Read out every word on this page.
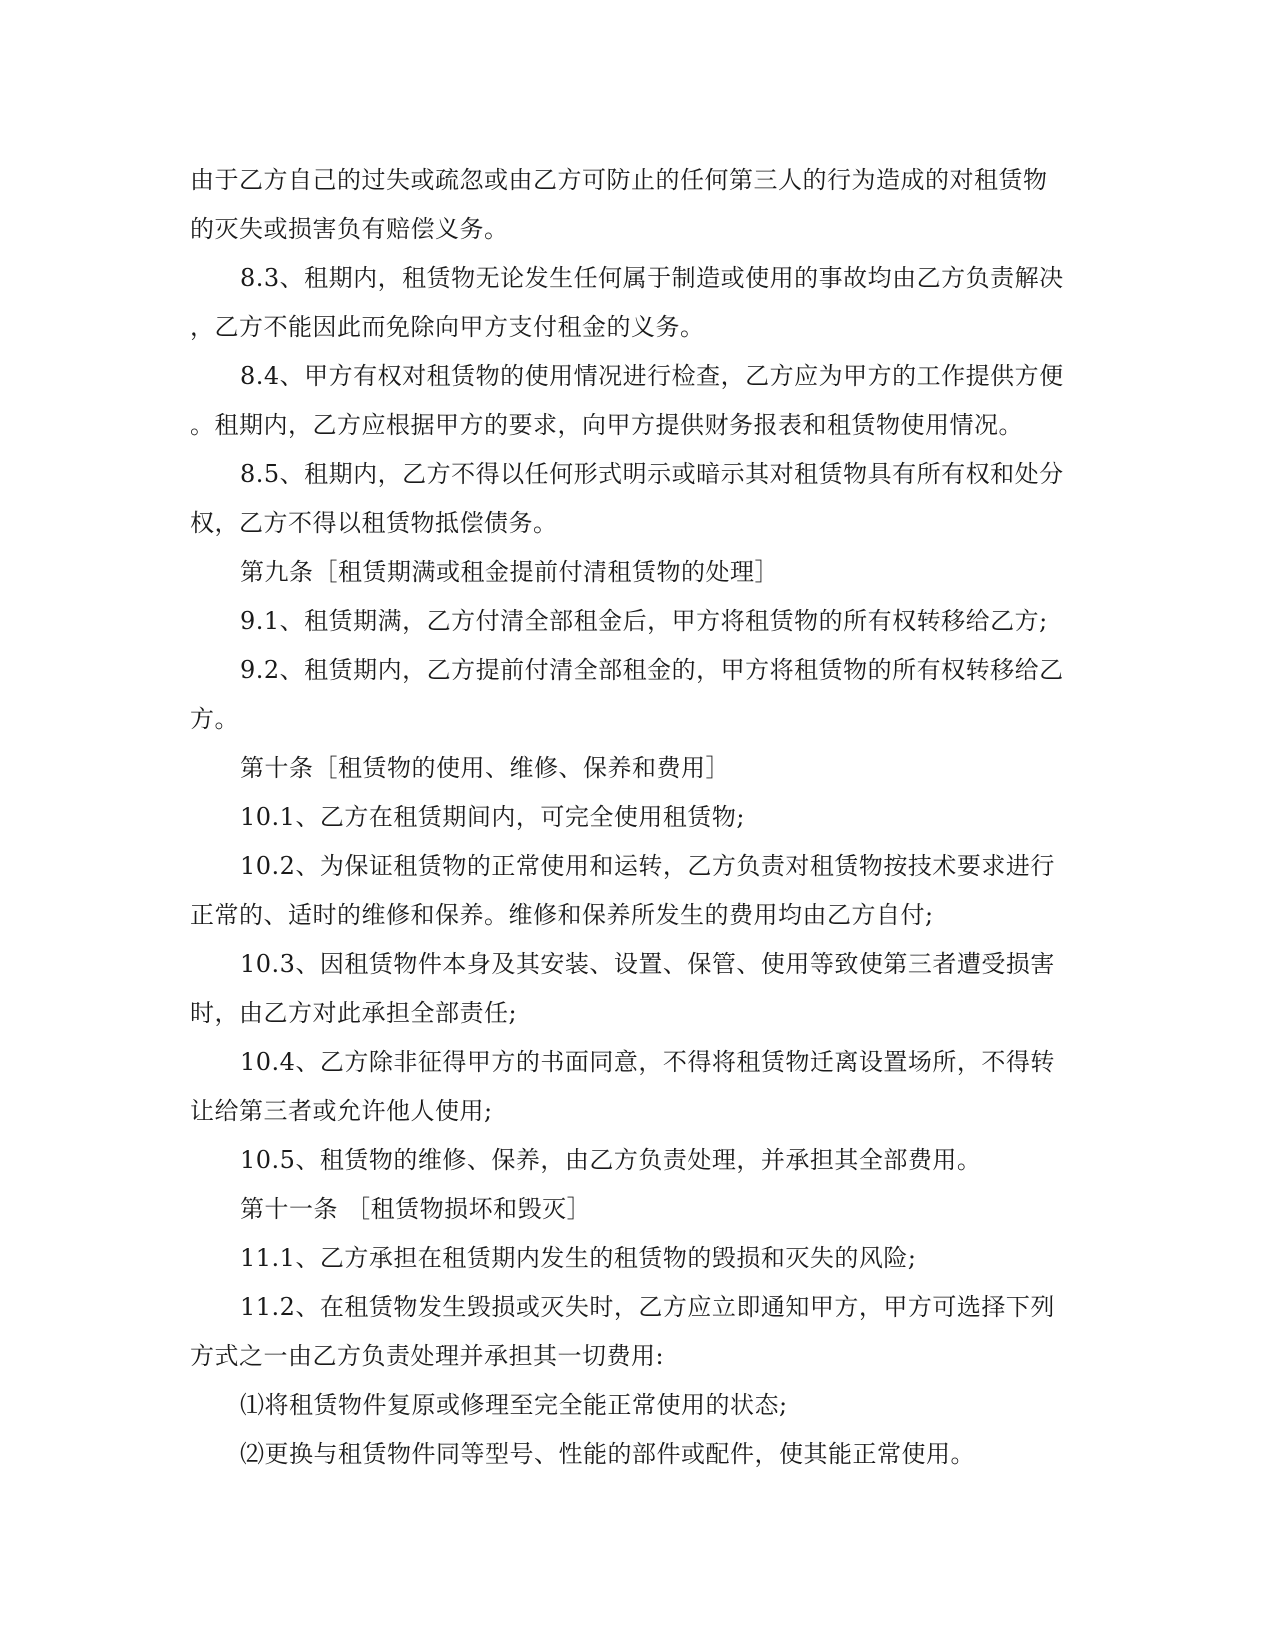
由于乙方自己的过失或疏忽或由乙方可防止的任何第三人的行为造成的对租赁物
的灭失或损害负有赔偿义务。
8.3、租期内，租赁物无论发生任何属于制造或使用的事故均由乙方负责解决
，乙方不能因此而免除向甲方支付租金的义务。
8.4、甲方有权对租赁物的使用情况进行检查，乙方应为甲方的工作提供方便
。租期内，乙方应根据甲方的要求，向甲方提供财务报表和租赁物使用情况。
8.5、租期内，乙方不得以任何形式明示或暗示其对租赁物具有所有权和处分
权，乙方不得以租赁物抵偿债务。
第九条［租赁期满或租金提前付清租赁物的处理］
9.1、租赁期满，乙方付清全部租金后，甲方将租赁物的所有权转移给乙方;
9.2、租赁期内，乙方提前付清全部租金的，甲方将租赁物的所有权转移给乙
方。
第十条［租赁物的使用、维修、保养和费用］
10.1、乙方在租赁期间内，可完全使用租赁物;
10.2、为保证租赁物的正常使用和运转，乙方负责对租赁物按技术要求进行
正常的、适时的维修和保养。维修和保养所发生的费用均由乙方自付;
10.3、因租赁物件本身及其安装、设置、保管、使用等致使第三者遭受损害
时，由乙方对此承担全部责任;
10.4、乙方除非征得甲方的书面同意，不得将租赁物迁离设置场所，不得转
让给第三者或允许他人使用;
10.5、租赁物的维修、保养，由乙方负责处理，并承担其全部费用。
第十一条 ［租赁物损坏和毁灭］
11.1、乙方承担在租赁期内发生的租赁物的毁损和灭失的风险;
11.2、在租赁物发生毁损或灭失时，乙方应立即通知甲方，甲方可选择下列
方式之一由乙方负责处理并承担其一切费用:
⑴将租赁物件复原或修理至完全能正常使用的状态;
⑵更换与租赁物件同等型号、性能的部件或配件，使其能正常使用。
